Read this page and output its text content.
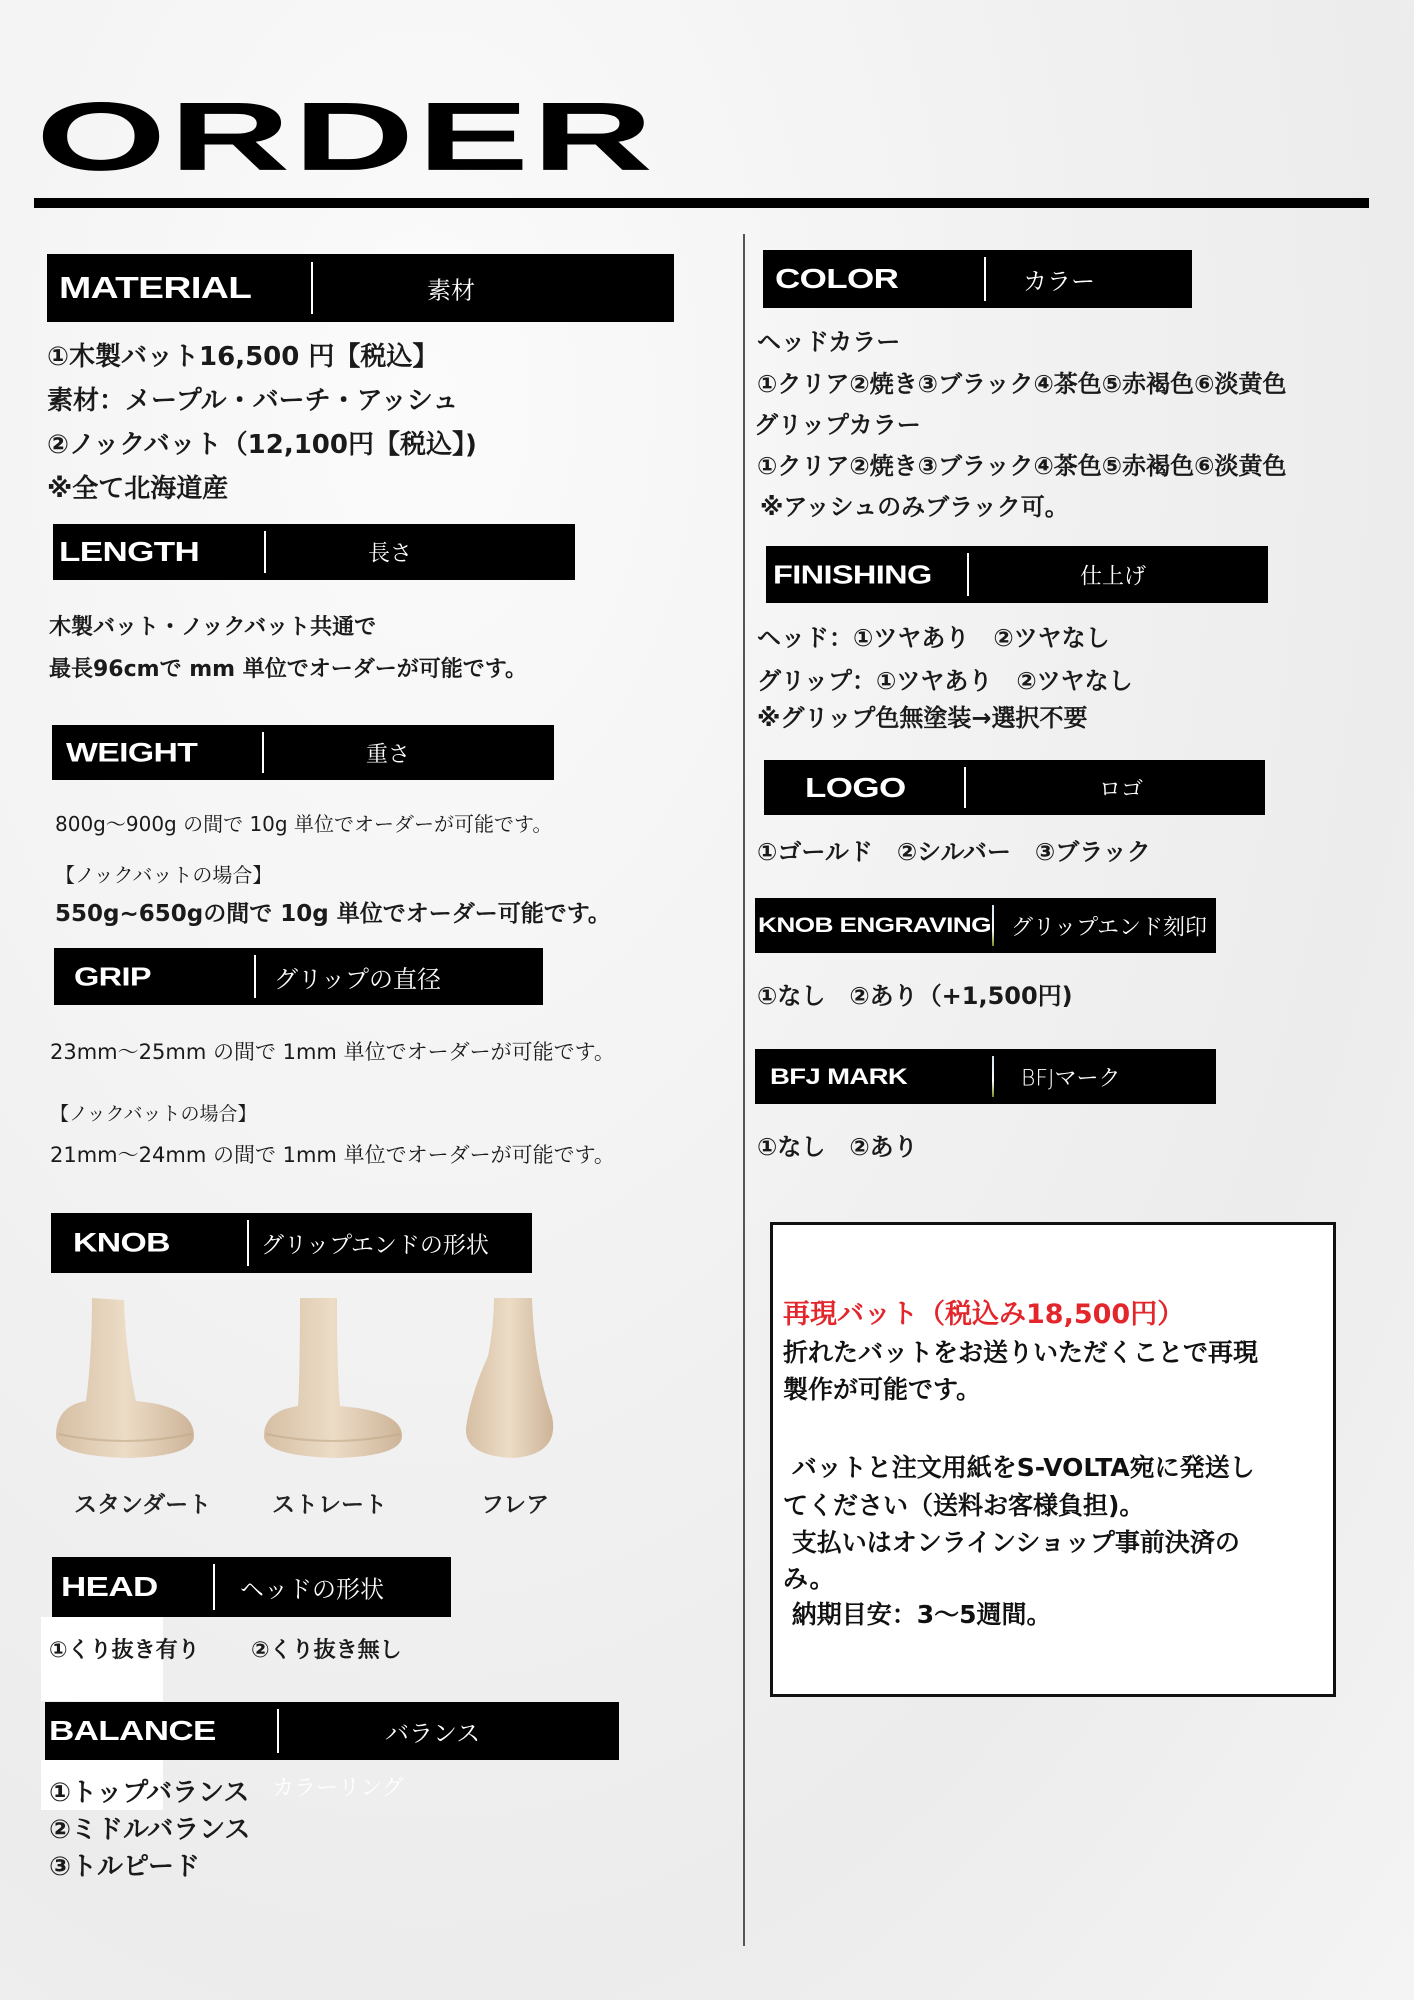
ORDER
MATERIAL	素材
①木製バット16,500 円【税込】
素材：メープル・バーチ・アッシュ
②ノックバット（12,100円【税込】)
※全て北海道産
LENGTH	長さ
木製バット・ノックバット共通で
最長96cmで mm 単位でオーダーが可能です。
WEIGHT	重さ
800g～900g の間で 10g 単位でオーダーが可能です。
【ノックバットの場合】
550g~650gの間で 10g 単位でオーダー可能です。
GRIP	グリップの直径
23mm～25mm の間で 1mm 単位でオーダーが可能です。
【ノックバットの場合】
21mm～24mm の間で 1mm 単位でオーダーが可能です。
KNOB	グリップエンドの形状
スタンダート	ストレート	フレア
HEAD	ヘッドの形状
①くり抜き有り ②くり抜き無し
BALANCE	バランス
カラーリング
①トップバランス
②ミドルバランス
③トルピード
COLOR	カラー
ヘッドカラー
①クリア②焼き③ブラック④茶色⑤赤褐色⑥淡黄色
グリップカラー
①クリア②焼き③ブラック④茶色⑤赤褐色⑥淡黄色
※アッシュのみブラック可。
FINISHING	仕上げ
ヘッド：①ツヤあり　②ツヤなし
グリップ：①ツヤあり　②ツヤなし
※グリップ色無塗装→選択不要
LOGO	ロゴ
①ゴールド　②シルバー　③ブラック
KNOB ENGRAVING グリップエンド刻印
①なし　②あり（+1,500円)
BFJ MARK	BFJマーク
①なし　②あり
再現バット（税込み18,500円）
折れたバットをお送りいただくことで再現
製作が可能です。
バットと注文用紙をS-VOLTA宛に発送し
てください（送料お客様負担)。
支払いはオンラインショップ事前決済の
み。
納期目安：3～5週間。
